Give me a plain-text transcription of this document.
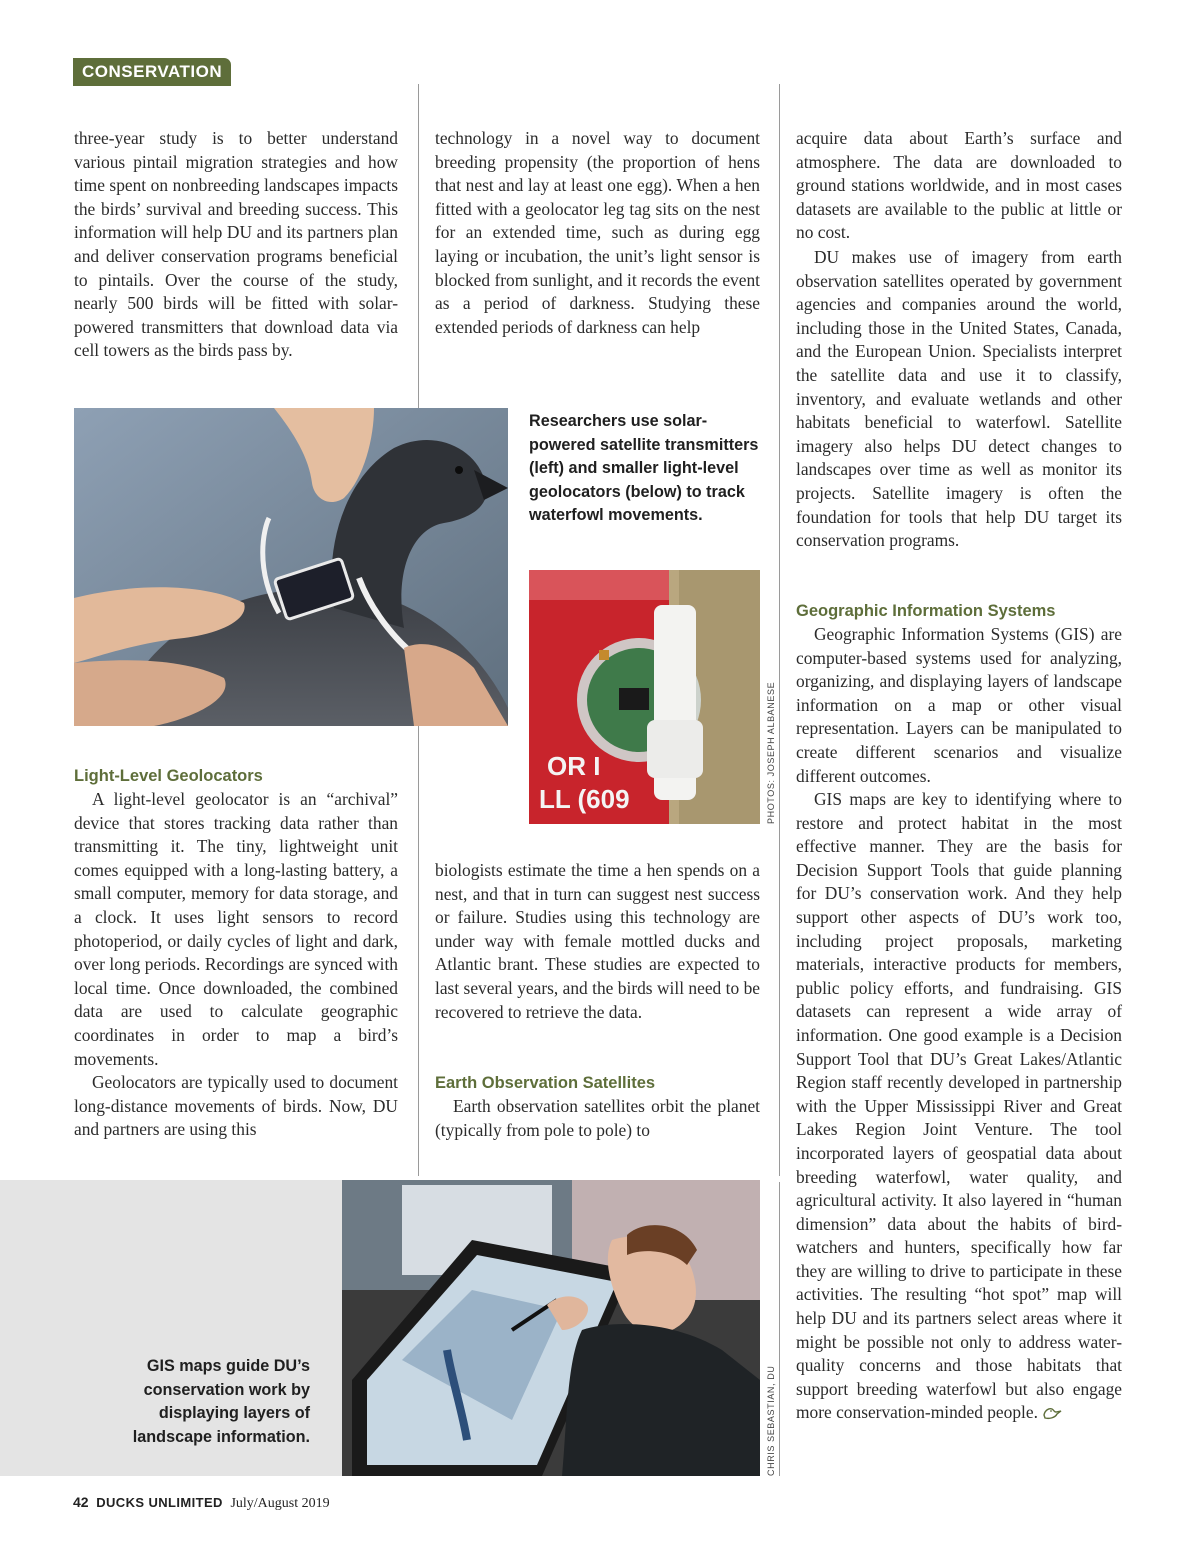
CONSERVATION

three-year study is to better understand various pintail migration strategies and how time spent on nonbreeding landscapes impacts the birds’ survival and breeding success. This information will help DU and its partners plan and deliver conservation programs beneficial to pintails. Over the course of the study, nearly 500 birds will be fitted with solar-powered transmitters that download data via cell towers as the birds pass by.

Light-Level Geolocators

A light-level geolocator is an “archival” device that stores tracking data rather than transmitting it. The tiny, lightweight unit comes equipped with a long-lasting battery, a small computer, memory for data storage, and a clock. It uses light sensors to record photoperiod, or daily cycles of light and dark, over long periods. Recordings are synced with local time. Once downloaded, the combined data are used to calculate geographic coordinates in order to map a bird’s movements.

Geolocators are typically used to document long-distance movements of birds. Now, DU and partners are using this

technology in a novel way to document breeding propensity (the proportion of hens that nest and lay at least one egg). When a hen fitted with a geolocator leg tag sits on the nest for an extended time, such as during egg laying or incubation, the unit’s light sensor is blocked from sunlight, and it records the event as a period of darkness. Studying these extended periods of darkness can help

Researchers use solar-powered satellite transmitters (left) and smaller light-level geolocators (below) to track waterfowl movements.

OR I
LL (609	PHOTOS: JOSEPH ALBANESE

biologists estimate the time a hen spends on a nest, and that in turn can suggest nest success or failure. Studies using this technology are under way with female mottled ducks and Atlantic brant. These studies are expected to last several years, and the birds will need to be recovered to retrieve the data.

Earth Observation Satellites

Earth observation satellites orbit the planet (typically from pole to pole) to

acquire data about Earth’s surface and atmosphere. The data are downloaded to ground stations worldwide, and in most cases datasets are available to the public at little or no cost.

DU makes use of imagery from earth observation satellites operated by government agencies and companies around the world, including those in the United States, Canada, and the European Union. Specialists interpret the satellite data and use it to classify, inventory, and evaluate wetlands and other habitats beneficial to waterfowl. Satellite imagery also helps DU detect changes to landscapes over time as well as monitor its projects. Satellite imagery is often the foundation for tools that help DU target its conservation programs.

Geographic Information Systems

Geographic Information Systems (GIS) are computer-based systems used for analyzing, organizing, and displaying layers of landscape information on a map or other visual representation. Layers can be manipulated to create different scenarios and visualize different outcomes.

GIS maps are key to identifying where to restore and protect habitat in the most effective manner. They are the basis for Decision Support Tools that guide planning for DU’s conservation work. And they help support other aspects of DU’s work too, including project proposals, marketing materials, interactive products for members, public policy efforts, and fundraising. GIS datasets can represent a wide array of information. One good example is a Decision Support Tool that DU’s Great Lakes/Atlantic Region staff recently developed in partnership with the Upper Mississippi River and Great Lakes Region Joint Venture. The tool incorporated layers of geospatial data about breeding waterfowl, water quality, and agricultural activity. It also layered in “human dimension” data about the habits of bird-watchers and hunters, specifically how far they are willing to drive to participate in these activities. The resulting “hot spot” map will help DU and its partners select areas where it might be possible not only to address water-quality concerns and those habitats that support breeding waterfowl but also engage more conservation-minded people.

GIS maps guide DU’s conservation work by displaying layers of landscape information.	CHRIS SEBASTIAN, DU
42 DUCKS UNLIMITED July/August 2019
